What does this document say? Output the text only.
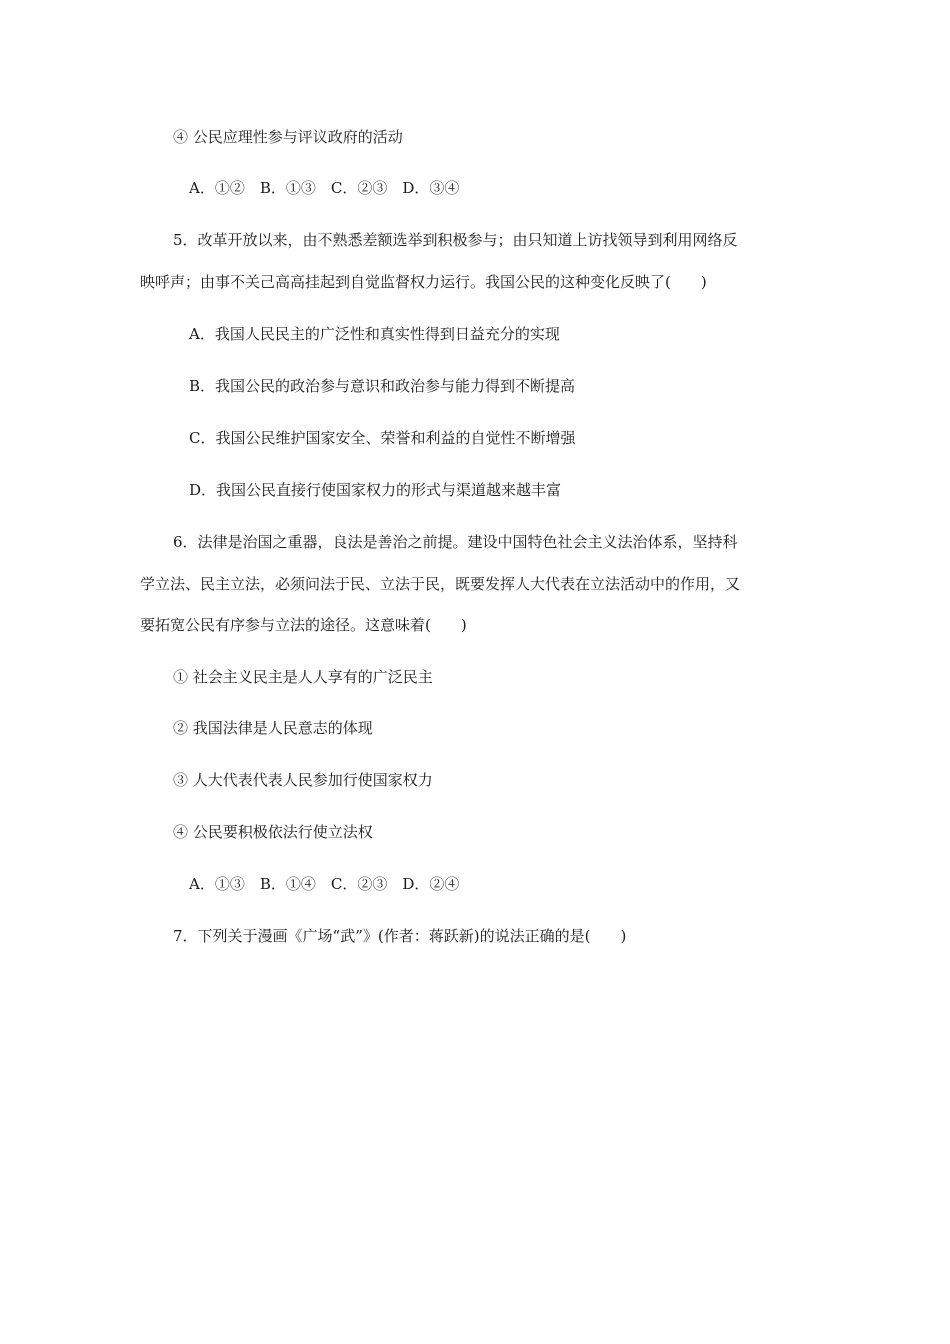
④ 公民应理性参与评议政府的活动
A．①②　B．①③　C．②③　D．③④
5．改革开放以来，由不熟悉差额选举到积极参与；由只知道上访找领导到利用网络反
映呼声；由事不关己高高挂起到自觉监督权力运行。我国公民的这种变化反映了(　　)
A．我国人民民主的广泛性和真实性得到日益充分的实现
B．我国公民的政治参与意识和政治参与能力得到不断提高
C．我国公民维护国家安全、荣誉和利益的自觉性不断增强
D．我国公民直接行使国家权力的形式与渠道越来越丰富
6．法律是治国之重器，良法是善治之前提。建设中国特色社会主义法治体系，坚持科
学立法、民主立法，必须问法于民、立法于民，既要发挥人大代表在立法活动中的作用，又
要拓宽公民有序参与立法的途径。这意味着(　　)
① 社会主义民主是人人享有的广泛民主
② 我国法律是人民意志的体现
③ 人大代表代表人民参加行使国家权力
④ 公民要积极依法行使立法权
A．①③　B．①④　C．②③　D．②④
7．下列关于漫画《广场“武”》(作者：蒋跃新)的说法正确的是(　　)
